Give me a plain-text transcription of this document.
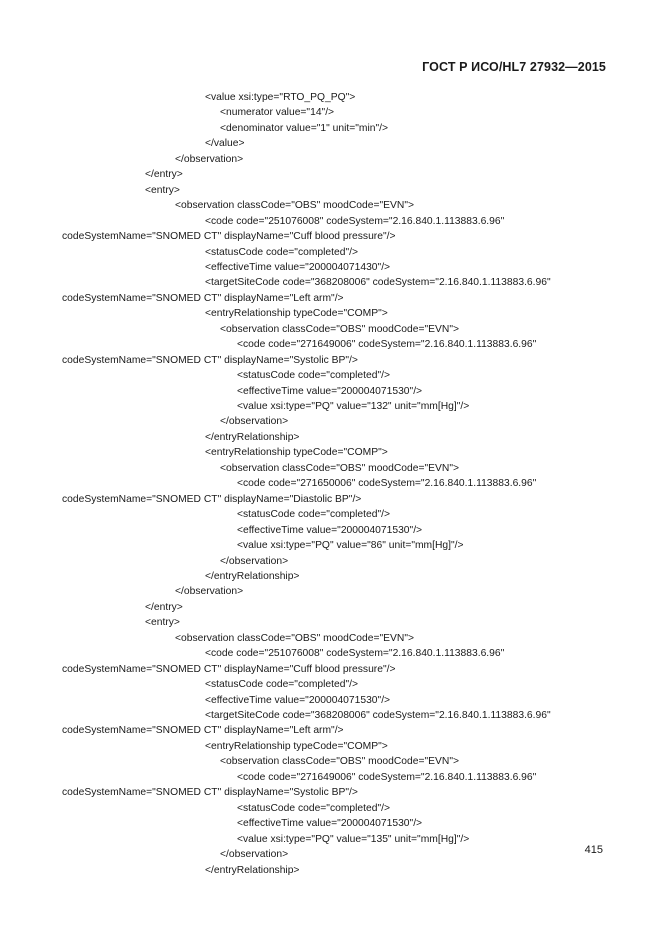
ГОСТ Р ИСО/HL7 27932—2015
<value xsi:type="RTO_PQ_PQ">
<numerator value="14"/>
<denominator value="1" unit="min"/>
</value>
</observation>
</entry>
<entry>
<observation classCode="OBS" moodCode="EVN">
<code code="251076008" codeSystem="2.16.840.1.113883.6.96"
codeSystemName="SNOMED CT" displayName="Cuff blood pressure"/>
<statusCode code="completed"/>
<effectiveTime value="200004071430"/>
<targetSiteCode code="368208006" codeSystem="2.16.840.1.113883.6.96"
codeSystemName="SNOMED CT" displayName="Left arm"/>
<entryRelationship typeCode="COMP">
<observation classCode="OBS" moodCode="EVN">
<code code="271649006" codeSystem="2.16.840.1.113883.6.96"
codeSystemName="SNOMED CT" displayName="Systolic BP"/>
<statusCode code="completed"/>
<effectiveTime value="200004071530"/>
<value xsi:type="PQ" value="132" unit="mm[Hg]"/>
</observation>
</entryRelationship>
<entryRelationship typeCode="COMP">
<observation classCode="OBS" moodCode="EVN">
<code code="271650006" codeSystem="2.16.840.1.113883.6.96"
codeSystemName="SNOMED CT" displayName="Diastolic BP"/>
<statusCode code="completed"/>
<effectiveTime value="200004071530"/>
<value xsi:type="PQ" value="86" unit="mm[Hg]"/>
</observation>
</entryRelationship>
</observation>
</entry>
<entry>
<observation classCode="OBS" moodCode="EVN">
<code code="251076008" codeSystem="2.16.840.1.113883.6.96"
codeSystemName="SNOMED CT" displayName="Cuff blood pressure"/>
<statusCode code="completed"/>
<effectiveTime value="200004071530"/>
<targetSiteCode code="368208006" codeSystem="2.16.840.1.113883.6.96"
codeSystemName="SNOMED CT" displayName="Left arm"/>
<entryRelationship typeCode="COMP">
<observation classCode="OBS" moodCode="EVN">
<code code="271649006" codeSystem="2.16.840.1.113883.6.96"
codeSystemName="SNOMED CT" displayName="Systolic BP"/>
<statusCode code="completed"/>
<effectiveTime value="200004071530"/>
<value xsi:type="PQ" value="135" unit="mm[Hg]"/>
</observation>
</entryRelationship>
415
